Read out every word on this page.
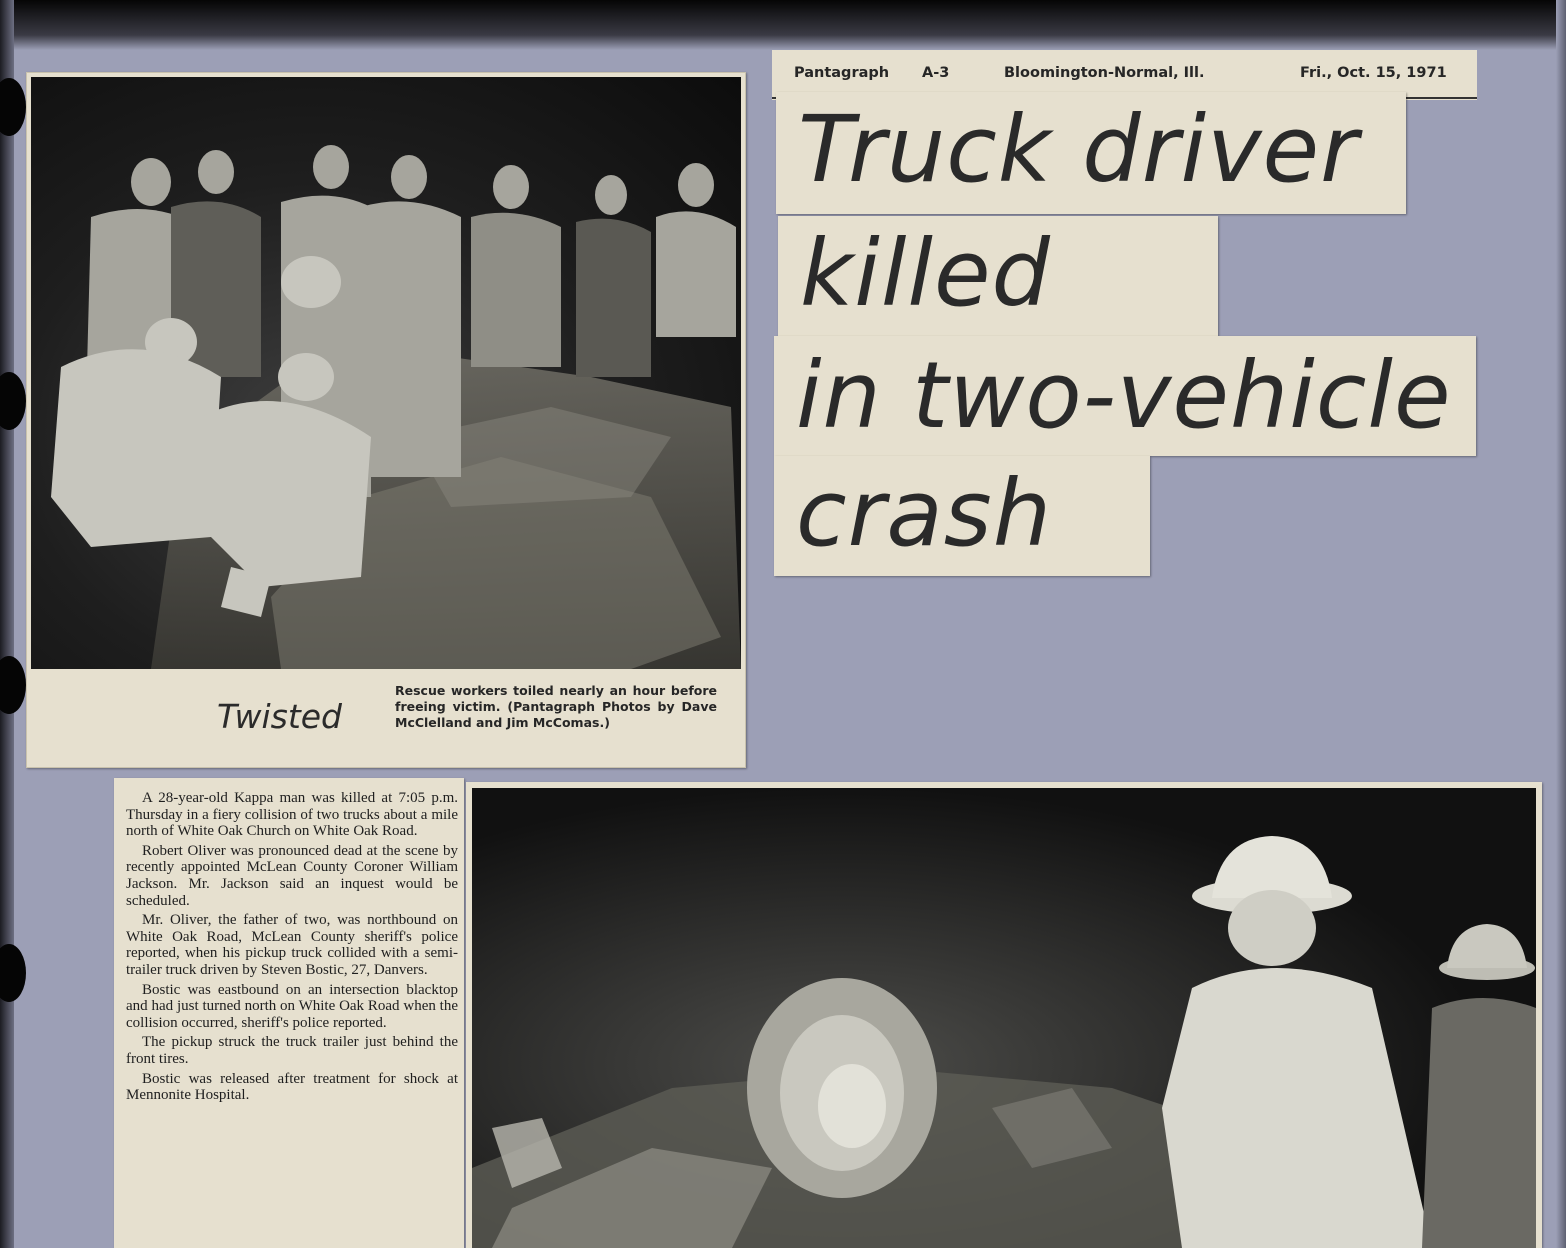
Twisted
Rescue workers toiled nearly an hour before freeing victim. (Pantagraph Photos by Dave McClelland and Jim McComas.)
Pantagraph A-3	Bloomington-Normal, Ill.	Fri., Oct. 15, 1971
Truck driver
killed
in two-vehicle
crash

A 28-year-old Kappa man was killed at 7:05 p.m. Thursday in a fiery collision of two trucks about a mile north of White Oak Church on White Oak Road.

Robert Oliver was pronounced dead at the scene by recently appointed McLean County Coroner William Jackson. Mr. Jackson said an inquest would be scheduled.

Mr. Oliver, the father of two, was northbound on White Oak Road, McLean County sheriff's police reported, when his pickup truck collided with a semi-trailer truck driven by Steven Bostic, 27, Danvers.

Bostic was eastbound on an intersection blacktop and had just turned north on White Oak Road when the collision occurred, sheriff's police reported.

The pickup struck the truck trailer just behind the front tires.

Bostic was released after treatment for shock at Mennonite Hospital.
